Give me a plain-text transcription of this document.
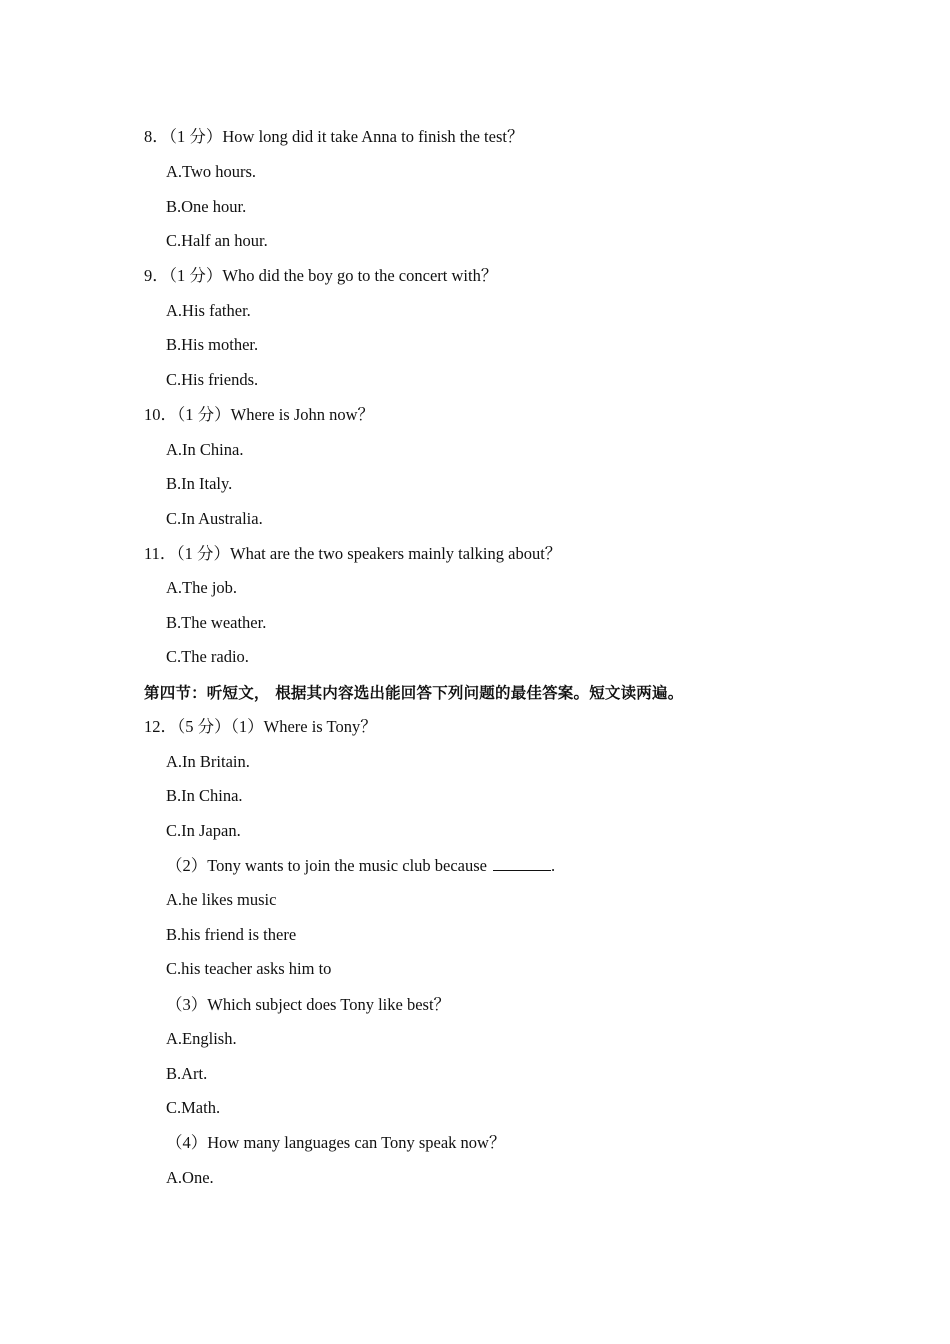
8．（1 分）How long did it take Anna to finish the test？
A.Two hours.
B.One hour.
C.Half an hour.
9．（1 分）Who did the boy go to the concert with？
A.His father.
B.His mother.
C.His friends.
10．（1 分）Where is John now？
A.In China.
B.In Italy.
C.In Australia.
11．（1 分）What are the two speakers mainly talking about？
A.The job.
B.The weather.
C.The radio.
第四节：听短文， 根据其内容选出能回答下列问题的最佳答案。短文读两遍。
12．（5 分）（1）Where is Tony？
A.In Britain.
B.In China.
C.In Japan.
（2）Tony wants to join the music club because	.
A.he likes music
B.his friend is there
C.his teacher asks him to
（3）Which subject does Tony like best？
A.English.
B.Art.
C.Math.
（4）How many languages can Tony speak now？
A.One.
